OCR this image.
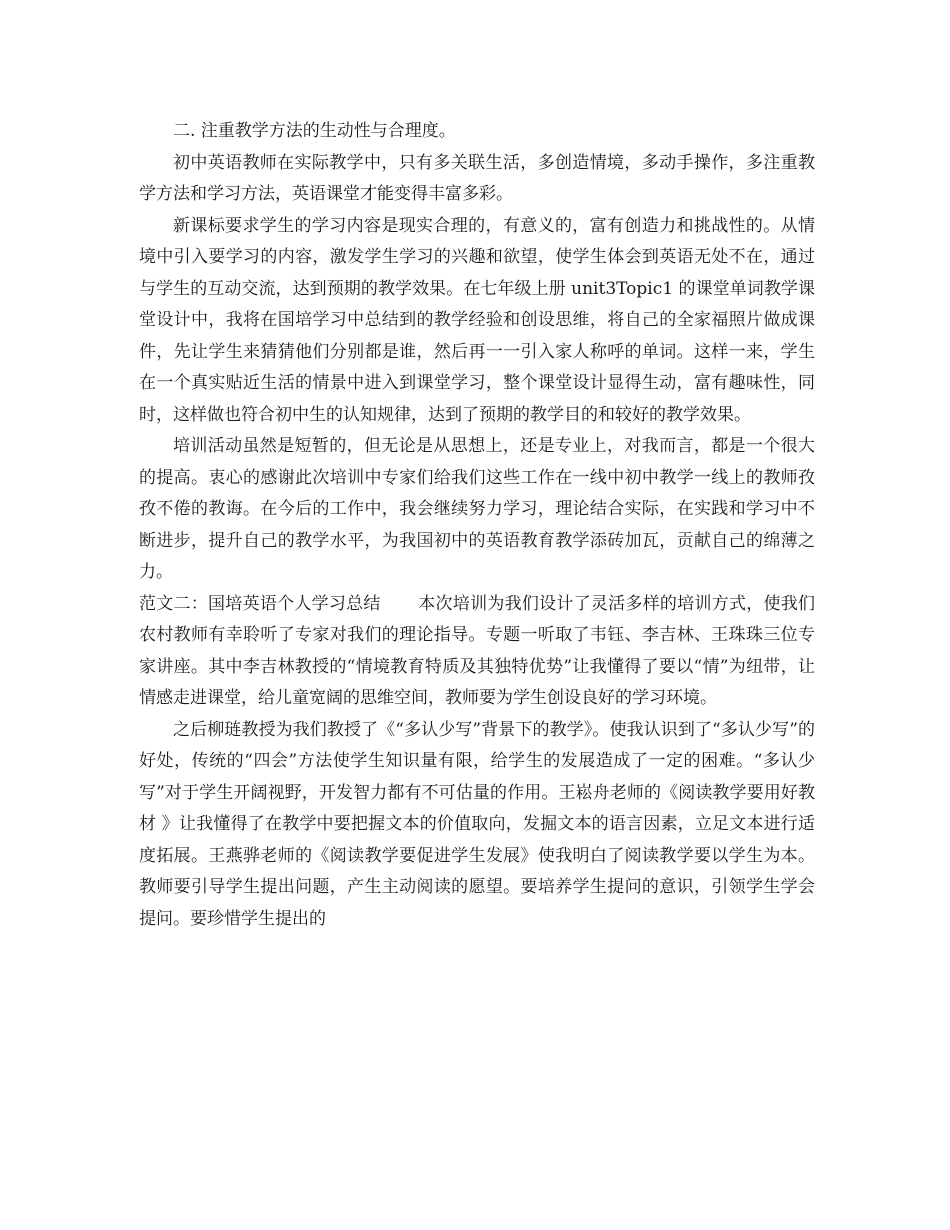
二. 注重教学方法的生动性与合理度。

初中英语教师在实际教学中，只有多关联生活，多创造情境，多动手操作，多注重教学方法和学习方法，英语课堂才能变得丰富多彩。

新课标要求学生的学习内容是现实合理的，有意义的，富有创造力和挑战性的。从情境中引入要学习的内容，激发学生学习的兴趣和欲望，使学生体会到英语无处不在，通过与学生的互动交流，达到预期的教学效果。在七年级上册 unit3Topic1 的课堂单词教学课堂设计中，我将在国培学习中总结到的教学经验和创设思维，将自己的全家福照片做成课件，先让学生来猜猜他们分别都是谁，然后再一一引入家人称呼的单词。这样一来，学生在一个真实贴近生活的情景中进入到课堂学习，整个课堂设计显得生动，富有趣味性，同时，这样做也符合初中生的认知规律，达到了预期的教学目的和较好的教学效果。

培训活动虽然是短暂的，但无论是从思想上，还是专业上，对我而言，都是一个很大的提高。衷心的感谢此次培训中专家们给我们这些工作在一线中初中教学一线上的教师孜孜不倦的教诲。在今后的工作中，我会继续努力学习，理论结合实际，在实践和学习中不断进步，提升自己的教学水平，为我国初中的英语教育教学添砖加瓦，贡献自己的绵薄之力。

范文二：国培英语个人学习总结 本次培训为我们设计了灵活多样的培训方式，使我们农村教师有幸聆听了专家对我们的理论指导。专题一听取了韦钰、李吉林、王珠珠三位专家讲座。其中李吉林教授的“情境教育特质及其独特优势”让我懂得了要以“情”为纽带，让情感走进课堂，给儿童宽阔的思维空间，教师要为学生创设良好的学习环境。

之后柳琏教授为我们教授了《“多认少写”背景下的教学》。使我认识到了“多认少写”的好处，传统的“四会”方法使学生知识量有限，给学生的发展造成了一定的困难。“多认少写”对于学生开阔视野，开发智力都有不可估量的作用。王崧舟老师的《阅读教学要用好教材 》让我懂得了在教学中要把握文本的价值取向，发掘文本的语言因素，立足文本进行适度拓展。王燕骅老师的《阅读教学要促进学生发展》使我明白了阅读教学要以学生为本。教师要引导学生提出问题，产生主动阅读的愿望。要培养学生提问的意识，引领学生学会提问。要珍惜学生提出的
